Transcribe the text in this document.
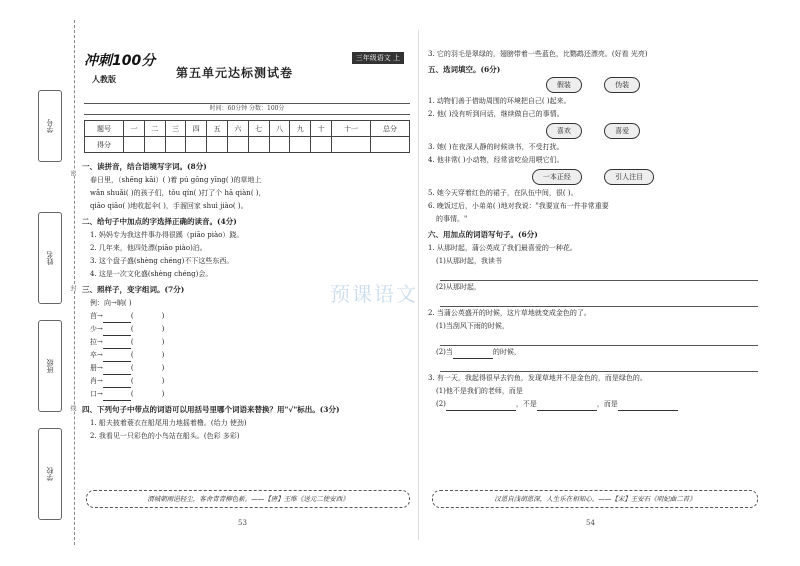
学号
姓名
班级
学校
密
封
线
冲刺100分
人教版	第五单元达标测试卷
三年级语文 上
时间：60分钟 分数：100分
题号	一	二	三	四	五	六	七	八	九	十	十一	总分
得分												
一、读拼音，结合语境写字词。(8分)
春日里，（shēng kāi）( )着 pú gōng yīng( )的草地上
wǎn shuǎi( )的孩子们，tǒu qín( )打了个 hā qiàn( )，
qiāo qiāo( )地收起伞( )，手溜回家 shuì jiào( )。
二、给句子中加点的字选择正确的读音。(4分)
1. 妈妈专为我这件事办得很蹊（piāo piào）跷。
2. 几年来，他四处漂(piāo piào)泊。
3. 这个盘子盛(shèng chéng)不下这些东西。
4. 这是一次文化盛(shèng chéng)会。
三、照样子，变字组词。(7分)
例：向→晌( )
莒→	(　　　　)
少→	(　　　　)
拉→	(　　　　)
卒→	(　　　　)
册→	(　　　　)
肖→	(　　　　)
口→	(　　　　)
四、下列句子中带点的词语可以用括号里哪个词语来替换？用"√"标出。(3分)
1. 船夫披着蓑衣在船尾用力地摇着橹。(给力 使劲)
2. 我看见一只彩色的小鸟站在船头。(色彩 多彩)
渭城朝雨浥轻尘，客舍青青柳色新。——【唐】王维《送元二使安西》
53
3. 它的羽毛是翠绿的，翅膀带着一些蓝色，比鹦鹉还漂亮。(好看 光亮)
五、选词填空。(6分)
假装	伪装
1. 动物们善于借助周围的环境把自己( )起来。
2. 他( )没有听到问话，继续做自己的事情。
喜欢	喜爱
3. 她( )在夜深人静的时候读书，不受打扰。
4. 他非常( )小动物，经常省吃俭用喂它们。
一本正经	引人注目
5. 她今天穿着红色的裙子，在队伍中间，很( )。
6. 晚饭过后，小弟弟( )地对我说："我要宣布一件非常重要
的事情。"
六、用加点的词语写句子。(6分)
1. 从那时起，蒲公英成了我们最喜爱的一种花。
(1)从那时起，我读书
(2)从那时起，
2. 当蒲公英盛开的时候，这片草地就变成金色的了。
(1)当刮风下雨的时候，
(2)当	的时候，
3. 有一天，我起得很早去钓鱼，发现草地并不是金色的，而是绿色的。
(1)他不是我们的老师，而是
(2)	，不是	，而是
汉恩自浅胡恩深，人生乐在相知心。——【宋】王安石《明妃曲二首》
54
预课语文
